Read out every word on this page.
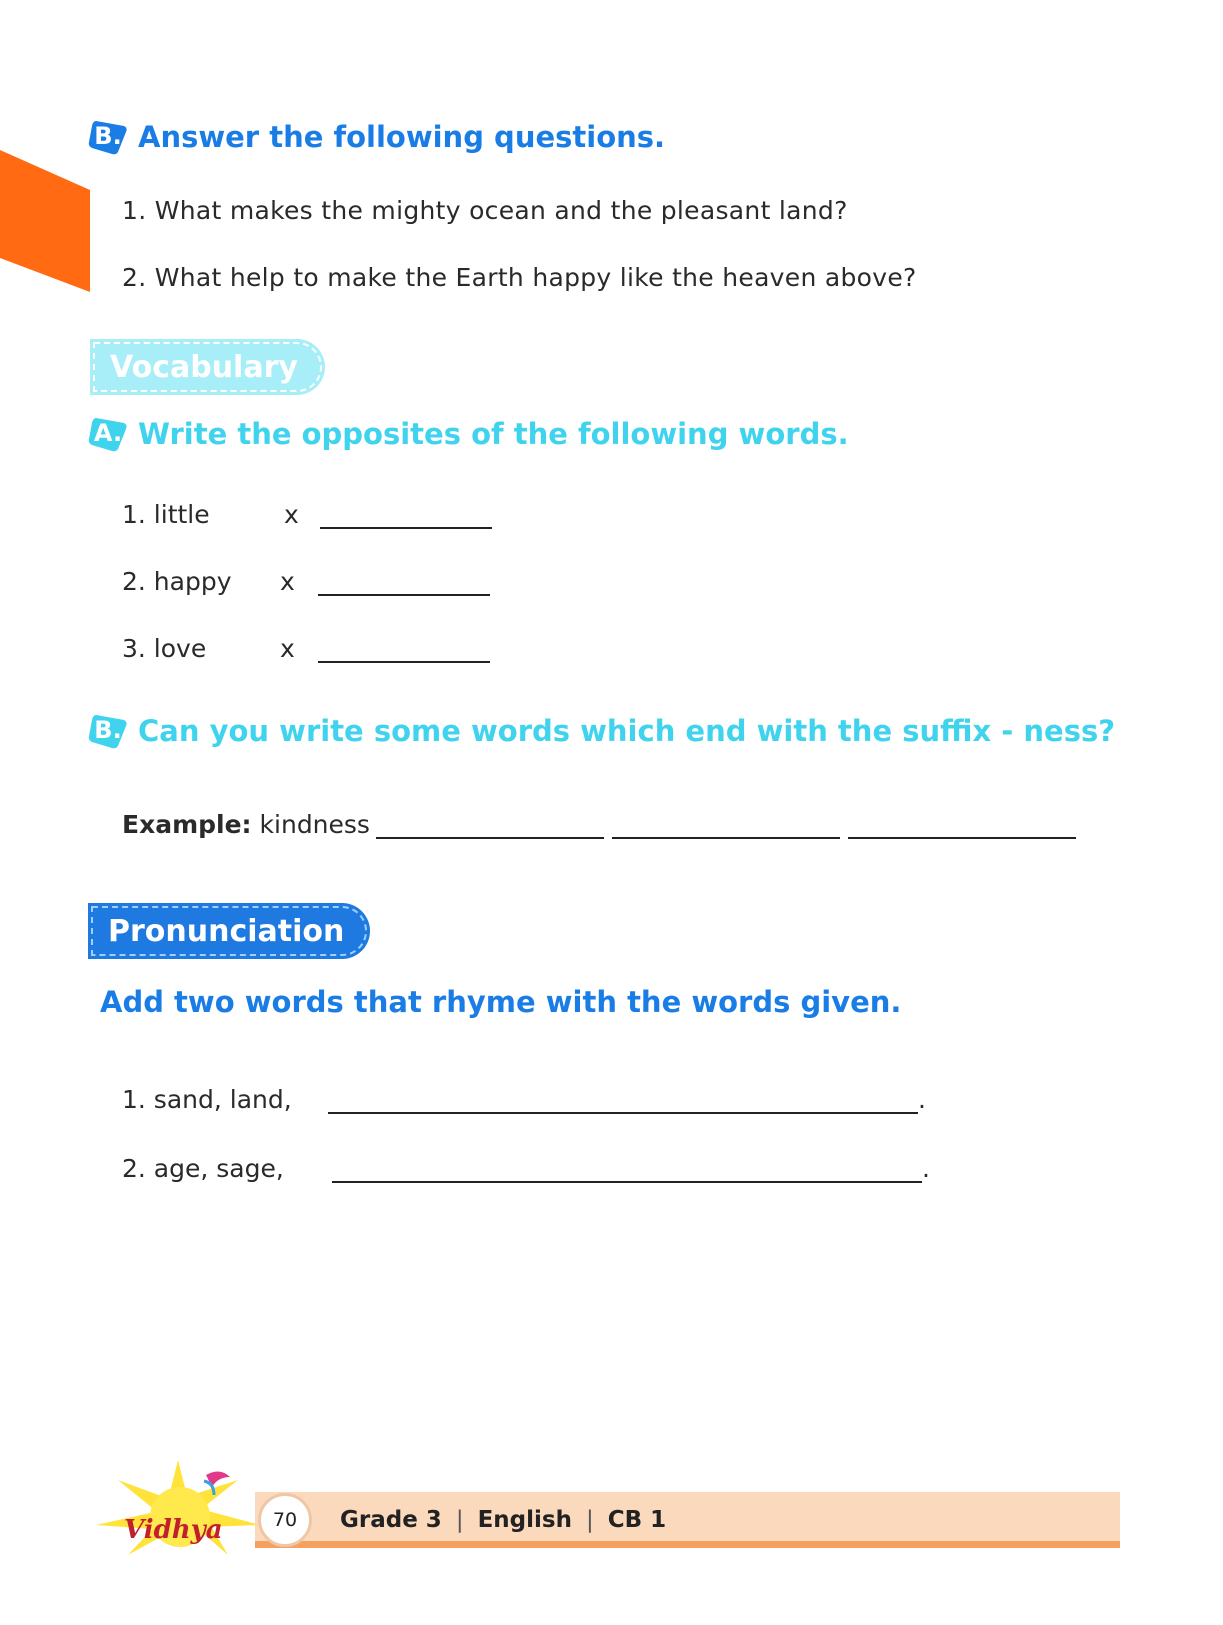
B. Answer the following questions.
1. What makes the mighty ocean and the pleasant land?
2. What help to make the Earth happy like the heaven above?
Vocabulary
A. Write the opposites of the following words.
1. little	x
2. happy	x
3. love	x
B. Can you write some words which end with the suffix - ness?
Example: kindness
Pronunciation
Add two words that rhyme with the words given.
1. sand, land,	.
2. age, sage,	.
Vidhya	70	Grade 3 | English | CB 1
